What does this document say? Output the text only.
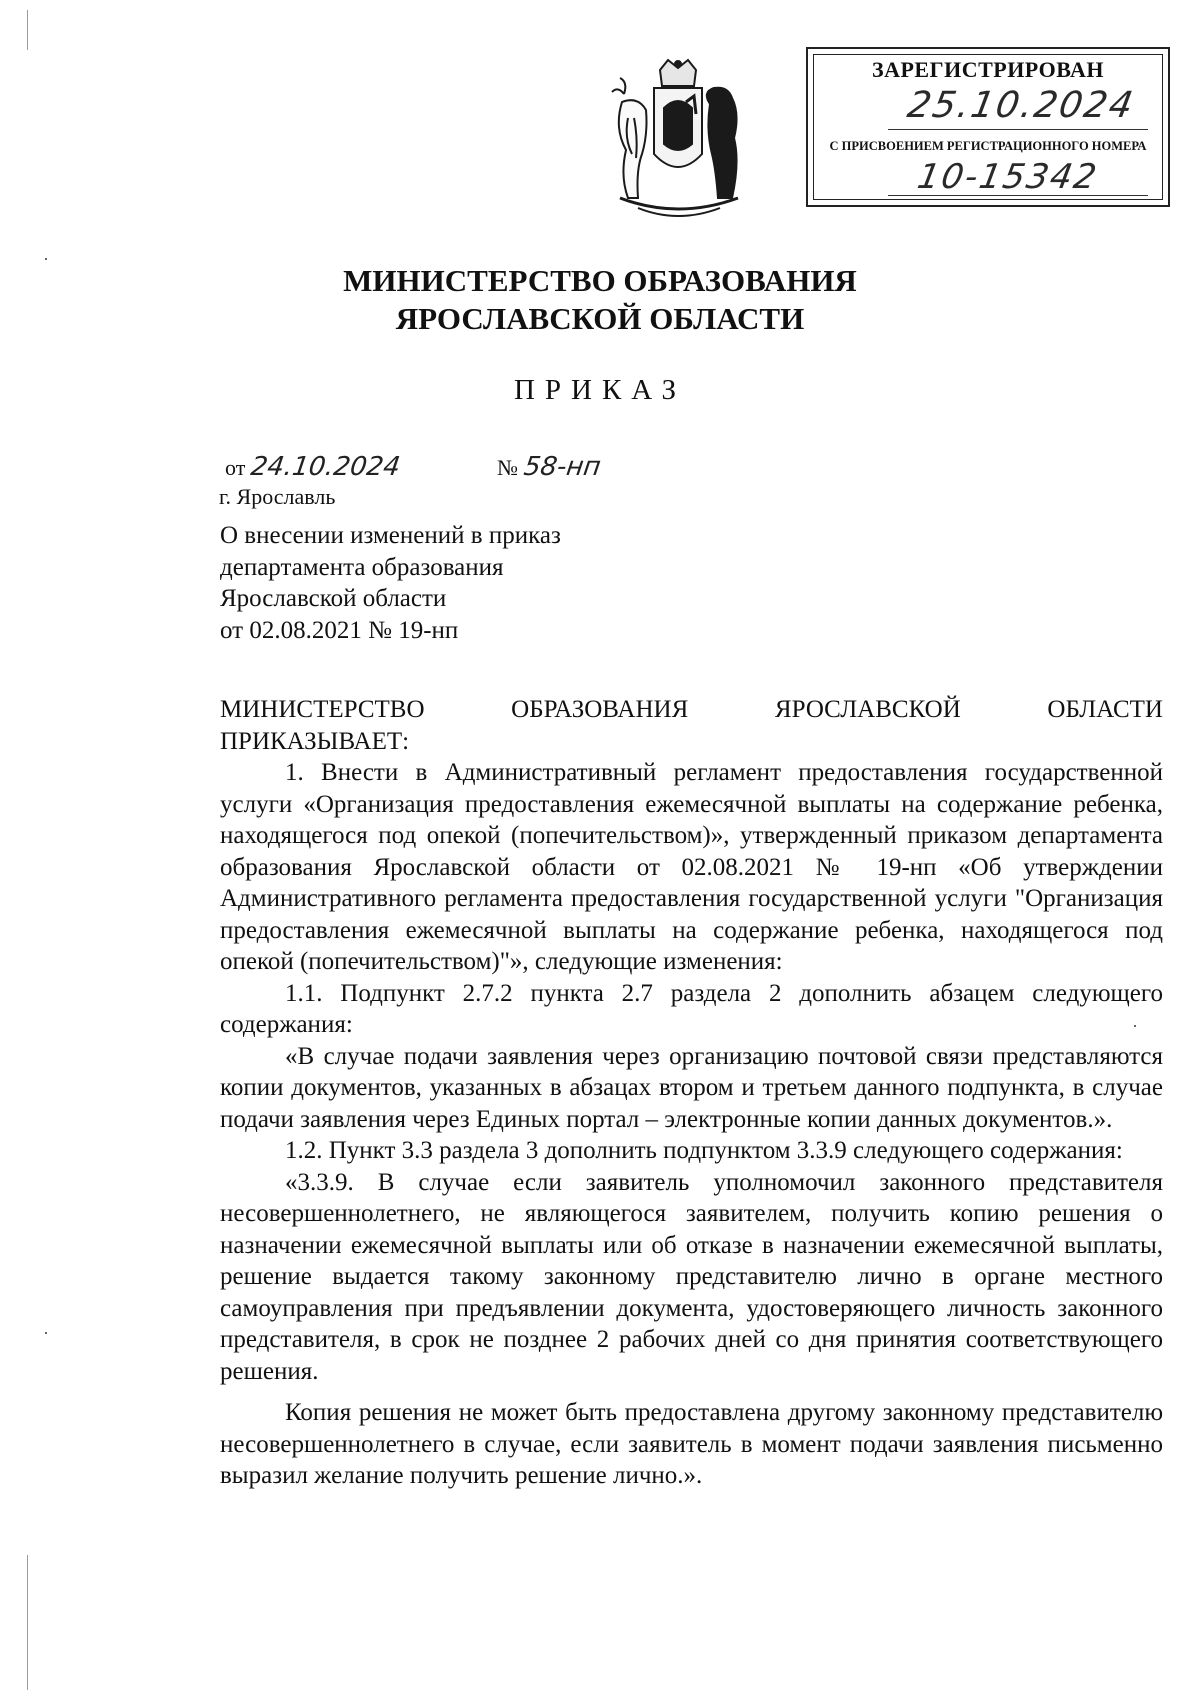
ЗАРЕГИСТРИРОВАН
25.10.2024
С ПРИСВОЕНИЕМ РЕГИСТРАЦИОННОГО НОМЕРА
10-15342
МИНИСТЕРСТВО ОБРАЗОВАНИЯ
ЯРОСЛАВСКОЙ ОБЛАСТИ
ПРИКАЗ
от 24.10.2024	№ 58-нп
г. Ярославль
О внесении изменений в приказ
департамента образования
Ярославской области
от 02.08.2021 № 19-нп

МИНИСТЕРСТВО ОБРАЗОВАНИЯ ЯРОСЛАВСКОЙ ОБЛАСТИ

ПРИКАЗЫВАЕТ:

1. Внести в Административный регламент предоставления государственной услуги «Организация предоставления ежемесячной выплаты на содержание ребенка, находящегося под опекой (попечительством)», утвержденный приказом департамента образования Ярославской области от 02.08.2021 № 19-нп «Об утверждении Административного регламента предоставления государственной услуги "Организация предоставления ежемесячной выплаты на содержание ребенка, находящегося под опекой (попечительством)"», следующие изменения:

1.1. Подпункт 2.7.2 пункта 2.7 раздела 2 дополнить абзацем следующего содержания:

«В случае подачи заявления через организацию почтовой связи представляются копии документов, указанных в абзацах втором и третьем данного подпункта, в случае подачи заявления через Единых портал – электронные копии данных документов.».

1.2. Пункт 3.3 раздела 3 дополнить подпунктом 3.3.9 следующего содержания:

«3.3.9. В случае если заявитель уполномочил законного представителя несовершеннолетнего, не являющегося заявителем, получить копию решения о назначении ежемесячной выплаты или об отказе в назначении ежемесячной выплаты, решение выдается такому законному представителю лично в органе местного самоуправления при предъявлении документа, удостоверяющего личность законного представителя, в срок не позднее 2 рабочих дней со дня принятия соответствующего решения.

Копия решения не может быть предоставлена другому законному представителю несовершеннолетнего в случае, если заявитель в момент подачи заявления письменно выразил желание получить решение лично.».
